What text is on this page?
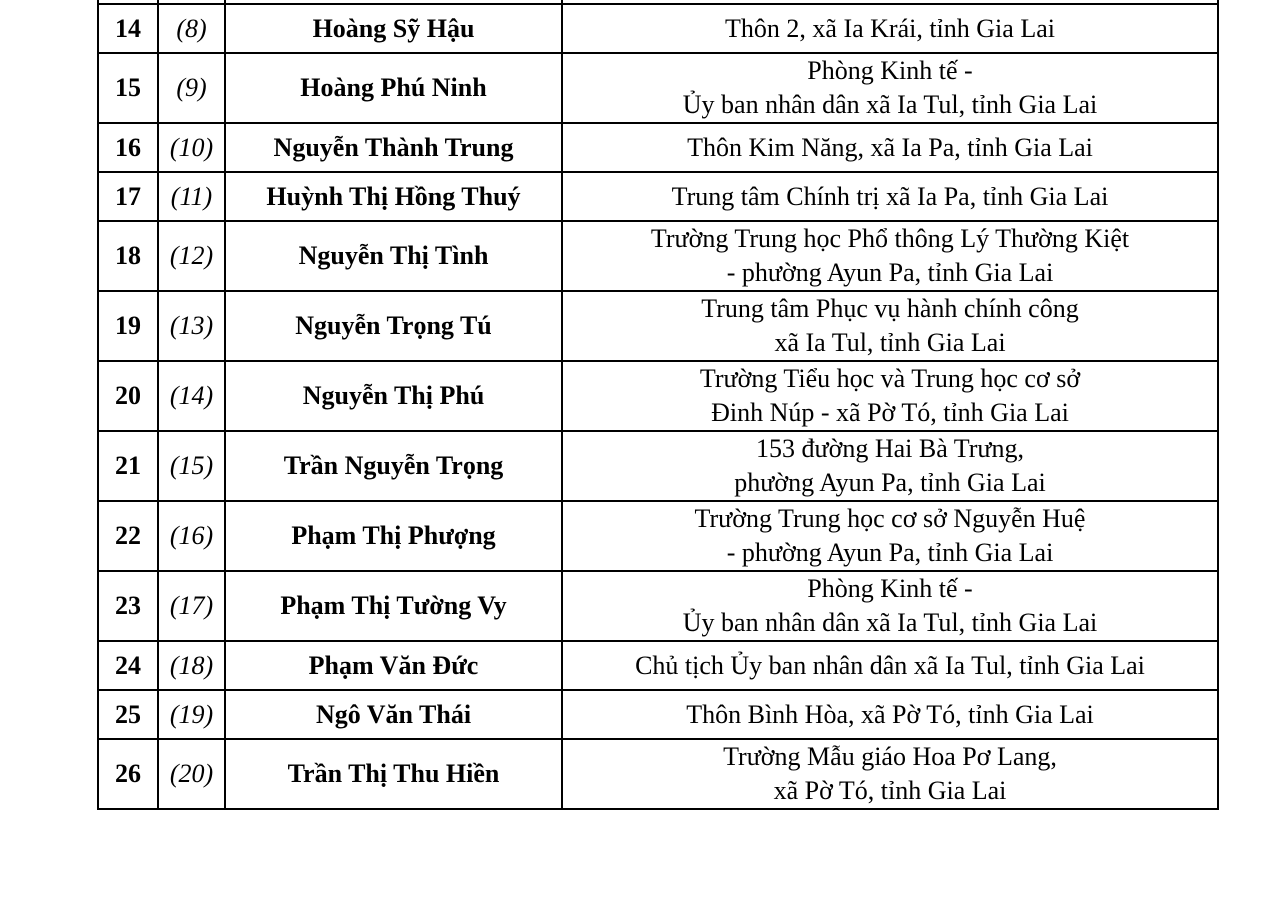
14	(8)	Hoàng Sỹ Hậu	Thôn 2, xã Ia Krái, tỉnh Gia Lai

15	(9)	Hoàng Phú Ninh	Phòng Kinh tế -
Ủy ban nhân dân xã Ia Tul, tỉnh Gia Lai

16	(10)	Nguyễn Thành Trung	Thôn Kim Năng, xã Ia Pa, tỉnh Gia Lai

17	(11)	Huỳnh Thị Hồng Thuý	Trung tâm Chính trị xã Ia Pa, tỉnh Gia Lai

18	(12)	Nguyễn Thị Tình	Trường Trung học Phổ thông Lý Thường Kiệt
- phường Ayun Pa, tỉnh Gia Lai

19	(13)	Nguyễn Trọng Tú	Trung tâm Phục vụ hành chính công
xã Ia Tul, tỉnh Gia Lai

20	(14)	Nguyễn Thị Phú	Trường Tiểu học và Trung học cơ sở
Đinh Núp - xã Pờ Tó, tỉnh Gia Lai

21	(15)	Trần Nguyễn Trọng	153 đường Hai Bà Trưng,
phường Ayun Pa, tỉnh Gia Lai

22	(16)	Phạm Thị Phượng	Trường Trung học cơ sở Nguyễn Huệ
- phường Ayun Pa, tỉnh Gia Lai

23	(17)	Phạm Thị Tường Vy	Phòng Kinh tế -
Ủy ban nhân dân xã Ia Tul, tỉnh Gia Lai

24	(18)	Phạm Văn Đức	Chủ tịch Ủy ban nhân dân xã Ia Tul, tỉnh Gia Lai

25	(19)	Ngô Văn Thái	Thôn Bình Hòa, xã Pờ Tó, tỉnh Gia Lai

26	(20)	Trần Thị Thu Hiền	Trường Mẫu giáo Hoa Pơ Lang,
xã Pờ Tó, tỉnh Gia Lai
